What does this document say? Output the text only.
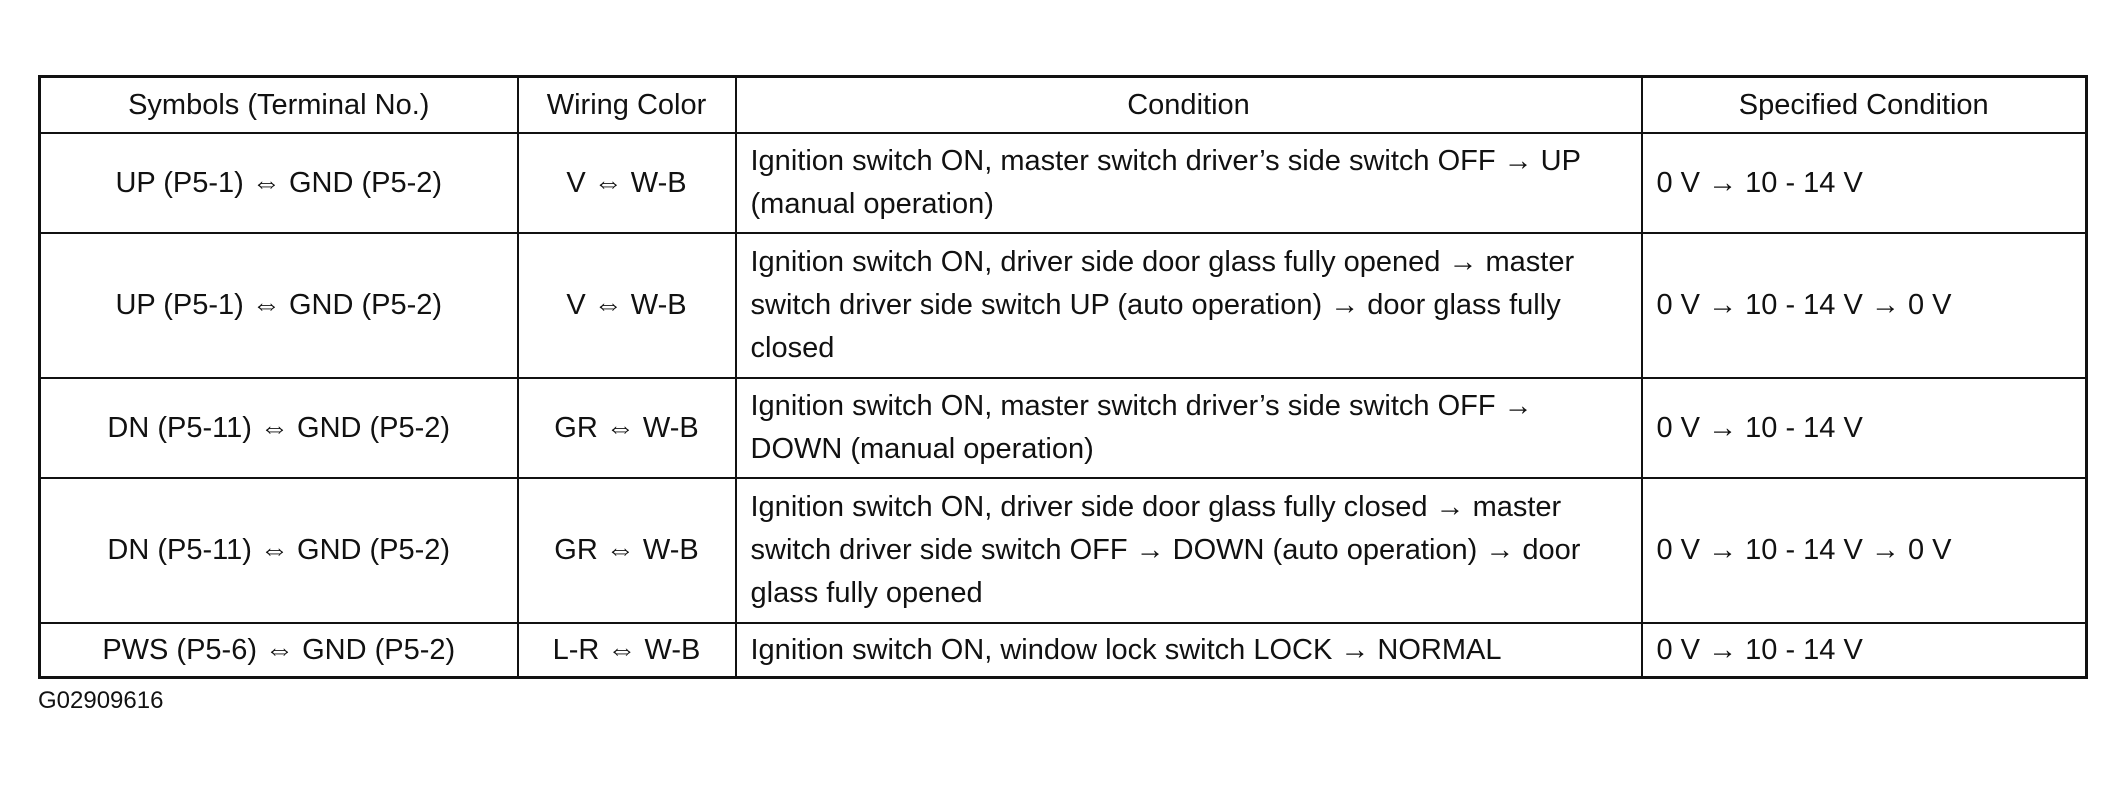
Symbols (Terminal No.)	Wiring Color	Condition	Specified Condition
UP (P5-1) ⇔ GND (P5-2)	V ⇔ W-B	Ignition switch ON, master switch driver’s side switch OFF → UP (manual operation)	0 V → 10 - 14 V
UP (P5-1) ⇔ GND (P5-2)	V ⇔ W-B	Ignition switch ON, driver side door glass fully opened → master switch driver side switch UP (auto operation) → door glass fully closed	0 V → 10 - 14 V → 0 V
DN (P5-11) ⇔ GND (P5-2)	GR ⇔ W-B	Ignition switch ON, master switch driver’s side switch OFF → DOWN (manual operation)	0 V → 10 - 14 V
DN (P5-11) ⇔ GND (P5-2)	GR ⇔ W-B	Ignition switch ON, driver side door glass fully closed → master switch driver side switch OFF → DOWN (auto operation) → door glass fully opened	0 V → 10 - 14 V → 0 V
PWS (P5-6) ⇔ GND (P5-2)	L-R ⇔ W-B	Ignition switch ON, window lock switch LOCK → NORMAL	0 V → 10 - 14 V
G02909616
